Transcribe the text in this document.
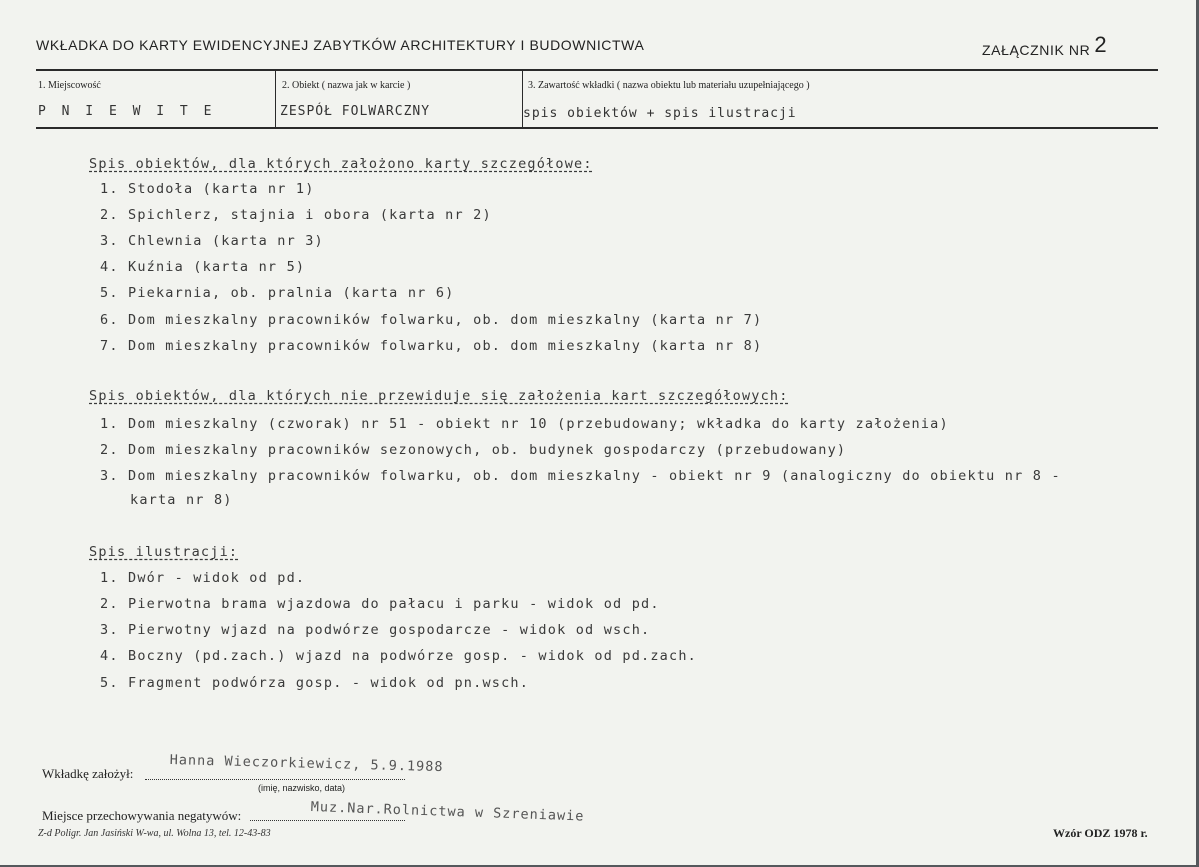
WKŁADKA DO KARTY EWIDENCYJNEJ ZABYTKÓW ARCHITEKTURY I BUDOWNICTWA	ZAŁĄCZNIK NR 2
1. Miejscowość
P N I E W I T E
2. Obiekt ( nazwa jak w karcie )
ZESPÓŁ FOLWARCZNY
3. Zawartość wkładki ( nazwa obiektu lub materiału uzupełniającego )
spis obiektów + spis ilustracji
Spis obiektów, dla których założono karty szczegółowe:
1. Stodoła (karta nr 1)
2. Spichlerz, stajnia i obora (karta nr 2)
3. Chlewnia (karta nr 3)
4. Kuźnia (karta nr 5)
5. Piekarnia, ob. pralnia (karta nr 6)
6. Dom mieszkalny pracowników folwarku, ob. dom mieszkalny (karta nr 7)
7. Dom mieszkalny pracowników folwarku, ob. dom mieszkalny (karta nr 8)
Spis obiektów, dla których nie przewiduje się założenia kart szczegółowych:
1. Dom mieszkalny (czworak) nr 51 - obiekt nr 10 (przebudowany; wkładka do karty założenia)
2. Dom mieszkalny pracowników sezonowych, ob. budynek gospodarczy (przebudowany)
3. Dom mieszkalny pracowników folwarku, ob. dom mieszkalny - obiekt nr 9 (analogiczny do obiektu nr 8 -
karta nr 8)
Spis ilustracji:
1. Dwór - widok od pd.
2. Pierwotna brama wjazdowa do pałacu i parku - widok od pd.
3. Pierwotny wjazd na podwórze gospodarcze - widok od wsch.
4. Boczny (pd.zach.) wjazd na podwórze gosp. - widok od pd.zach.
5. Fragment podwórza gosp. - widok od pn.wsch.
Hanna Wieczorkiewicz, 5.9.1988
Wkładkę założył:
(imię, nazwisko, data)
Muz.Nar.Rolnictwa w Szreniawie
Miejsce przechowywania negatywów:
Z-d Poligr. Jan Jasiński W-wa, ul. Wolna 13, tel. 12-43-83	Wzór ODZ 1978 r.
